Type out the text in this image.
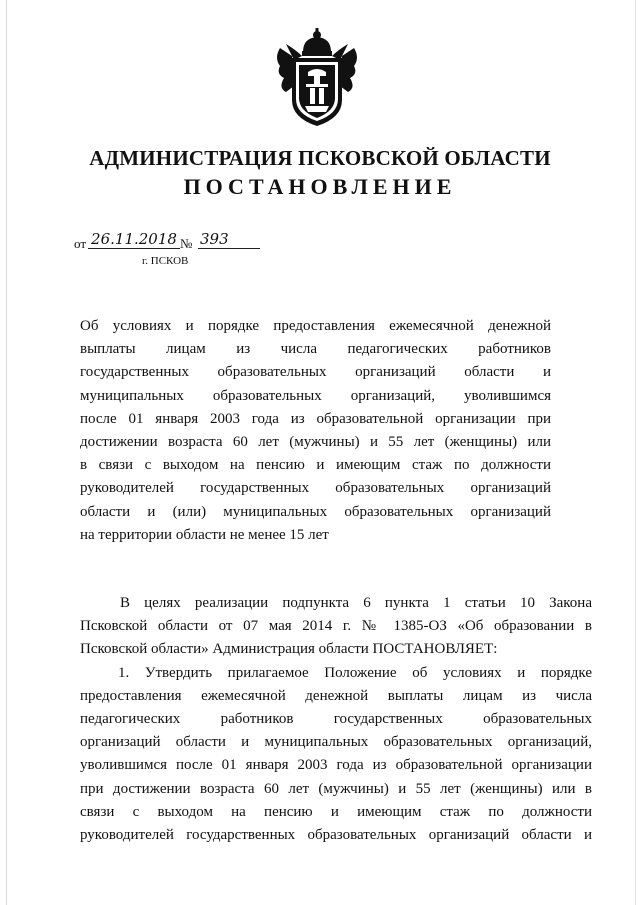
АДМИНИСТРАЦИЯ ПСКОВСКОЙ ОБЛАСТИ
ПОСТАНОВЛЕНИЕ
от 26.11.2018 № 393
г. ПСКОВ
Об условиях и порядке предоставления ежемесячной денежной
выплаты лицам из числа педагогических работников
государственных образовательных организаций области и
муниципальных образовательных организаций, уволившимся
после 01 января 2003 года из образовательной организации при
достижении возраста 60 лет (мужчины) и 55 лет (женщины) или
в связи с выходом на пенсию и имеющим стаж по должности
руководителей государственных образовательных организаций
области и (или) муниципальных образовательных организаций
на территории области не менее 15 лет
В целях реализации подпункта 6 пункта 1 статьи 10 Закона
Псковской области от 07 мая 2014 г. № 1385-ОЗ «Об образовании в
Псковской области» Администрация области ПОСТАНОВЛЯЕТ:
1. Утвердить прилагаемое Положение об условиях и порядке
предоставления ежемесячной денежной выплаты лицам из числа
педагогических работников государственных образовательных
организаций области и муниципальных образовательных организаций,
уволившимся после 01 января 2003 года из образовательной организации
при достижении возраста 60 лет (мужчины) и 55 лет (женщины) или в
связи с выходом на пенсию и имеющим стаж по должности
руководителей государственных образовательных организаций области и
